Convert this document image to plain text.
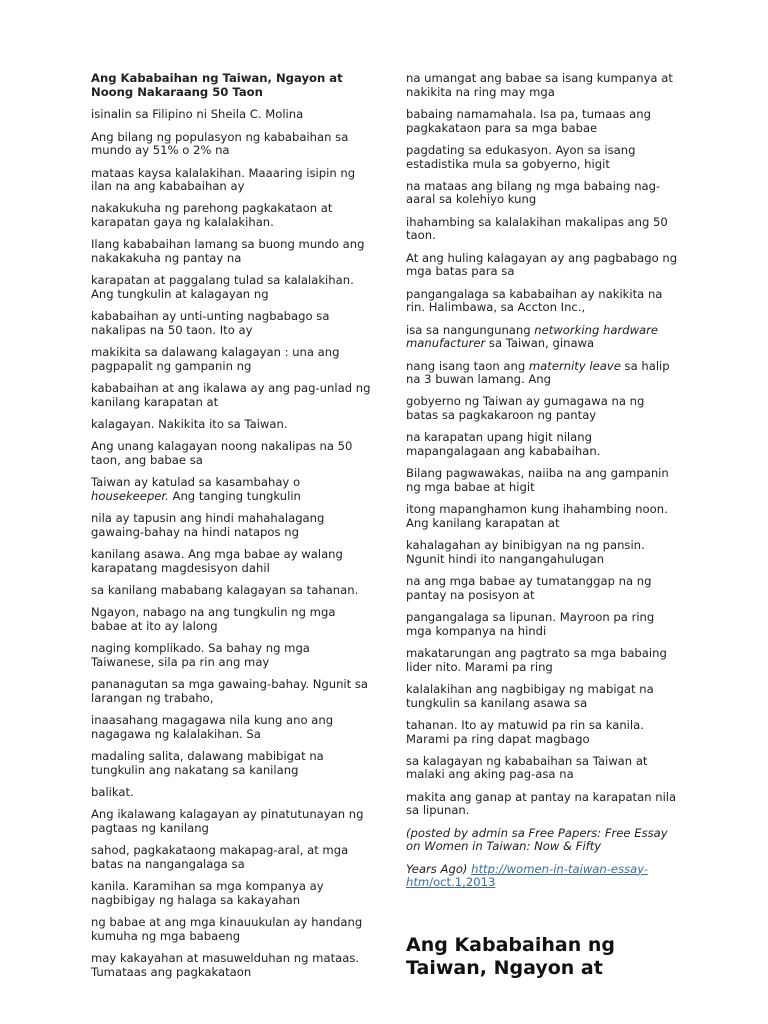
Ang Kababaihan ng Taiwan, Ngayon at Noong Nakaraang 50 Taon

isinalin sa Filipino ni Sheila C. Molina

Ang bilang ng populasyon ng kababaihan sa mundo ay 51% o 2% na

mataas kaysa kalalakihan. Maaaring isipin ng ilan na ang kababaihan ay

nakakukuha ng parehong pagkakataon at karapatan gaya ng kalalakihan.

Ilang kababaihan lamang sa buong mundo ang nakakakuha ng pantay na

karapatan at paggalang tulad sa kalalakihan. Ang tungkulin at kalagayan ng

kababaihan ay unti-unting nagbabago sa nakalipas na 50 taon. Ito ay

makikita sa dalawang kalagayan : una ang pagpapalit ng gampanin ng

kababaihan at ang ikalawa ay ang pag-unlad ng kanilang karapatan at

kalagayan. Nakikita ito sa Taiwan.

Ang unang kalagayan noong nakalipas na 50 taon, ang babae sa

Taiwan ay katulad sa kasambahay o housekeeper. Ang tanging tungkulin

nila ay tapusin ang hindi mahahalagang gawaing-bahay na hindi natapos ng

kanilang asawa. Ang mga babae ay walang karapatang magdesisyon dahil

sa kanilang mababang kalagayan sa tahanan.

Ngayon, nabago na ang tungkulin ng mga babae at ito ay lalong

naging komplikado. Sa bahay ng mga Taiwanese, sila pa rin ang may

pananagutan sa mga gawaing-bahay. Ngunit sa larangan ng trabaho,

inaasahang magagawa nila kung ano ang nagagawa ng kalalakihan. Sa

madaling salita, dalawang mabibigat na tungkulin ang nakatang sa kanilang

balikat.

Ang ikalawang kalagayan ay pinatutunayan ng pagtaas ng kanilang

sahod, pagkakataong makapag-aral, at mga batas na nangangalaga sa

kanila. Karamihan sa mga kompanya ay nagbibigay ng halaga sa kakayahan

ng babae at ang mga kinauukulan ay handang kumuha ng mga babaeng

may kakayahan at masuwelduhan ng mataas. Tumataas ang pagkakataon

na umangat ang babae sa isang kumpanya at nakikita na ring may mga

babaing namamahala. Isa pa, tumaas ang pagkakataon para sa mga babae

pagdating sa edukasyon. Ayon sa isang estadistika mula sa gobyerno, higit

na mataas ang bilang ng mga babaing nag-aaral sa kolehiyo kung

ihahambing sa kalalakihan makalipas ang 50 taon.

At ang huling kalagayan ay ang pagbabago ng mga batas para sa

pangangalaga sa kababaihan ay nakikita na rin. Halimbawa, sa Accton Inc.,

isa sa nangungunang networking hardware manufacturer sa Taiwan, ginawa

nang isang taon ang maternity leave sa halip na 3 buwan lamang. Ang

gobyerno ng Taiwan ay gumagawa na ng batas sa pagkakaroon ng pantay

na karapatan upang higit nilang mapangalagaan ang kababaihan.

Bilang pagwawakas, naiiba na ang gampanin ng mga babae at higit

itong mapanghamon kung ihahambing noon. Ang kanilang karapatan at

kahalagahan ay binibigyan na ng pansin. Ngunit hindi ito nangangahulugan

na ang mga babae ay tumatanggap na ng pantay na posisyon at

pangangalaga sa lipunan. Mayroon pa ring mga kompanya na hindi

makatarungan ang pagtrato sa mga babaing lider nito. Marami pa ring

kalalakihan ang nagbibigay ng mabigat na tungkulin sa kanilang asawa sa

tahanan. Ito ay matuwid pa rin sa kanila. Marami pa ring dapat magbago

sa kalagayan ng kababaihan sa Taiwan at malaki ang aking pag-asa na

makita ang ganap at pantay na karapatan nila sa lipunan.

(posted by admin sa Free Papers: Free Essay on Women in Taiwan: Now & Fifty

Years Ago) http://women-in-taiwan-essay-htm/oct.1,2013

Ang Kababaihan ng Taiwan, Ngayon at
